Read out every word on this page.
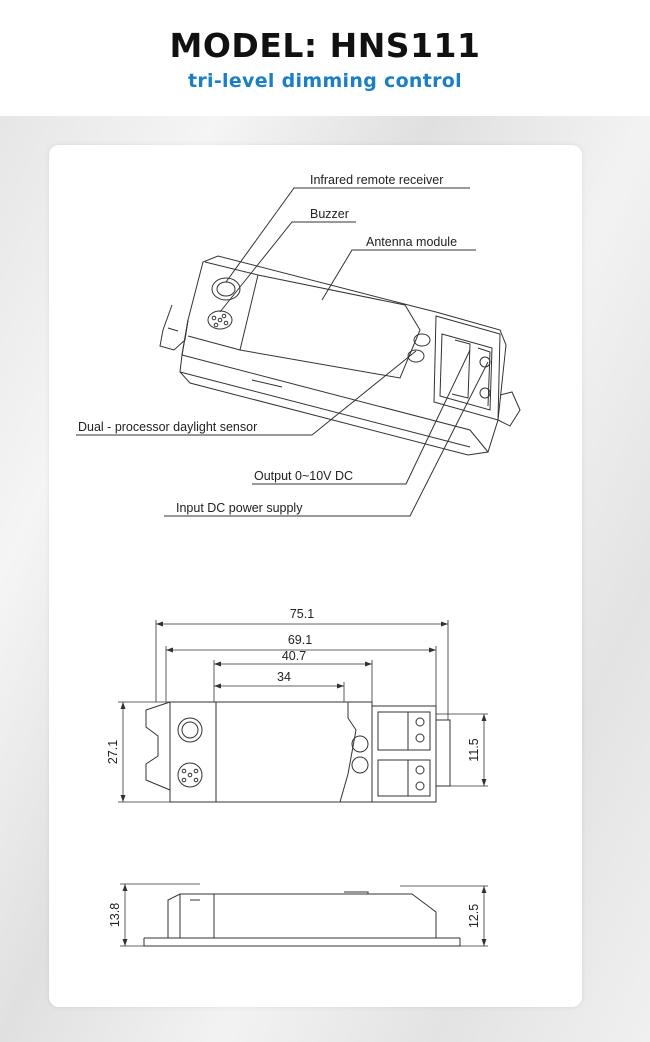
MODEL: HNS111
tri-level dimming control
Infrared remote receiver
Buzzer
Antenna module
Dual - processor daylight sensor
Output 0~10V DC
Input DC power supply
75.1
69.1
40.7
34
27.1	11.5
13.8	12.5
